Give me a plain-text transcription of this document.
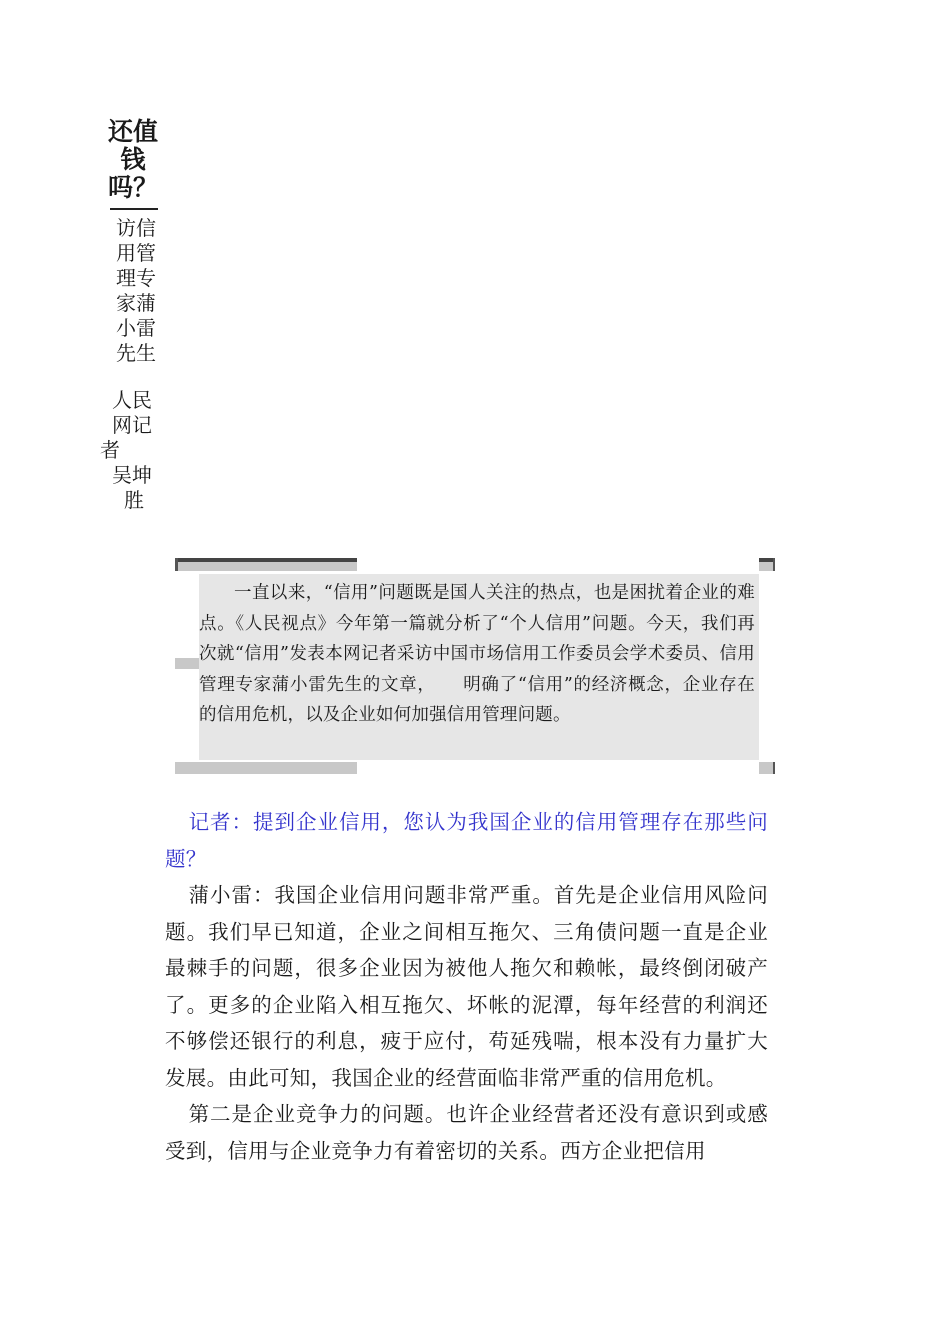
还值钱吗？
访信用管理专家蒲小雷先生
人民
网记
者
吴坤
胜

一直以来，“信用”问题既是国人关注的热点，也是困扰着企业的难点。《人民视点》今年第一篇就分析了“个人信用”问题。今天，我们再次就“信用”发表本网记者采访中国市场信用工作委员会学术委员、信用管理专家蒲小雷先生的文章，　　明确了“信用”的经济概念，企业存在的信用危机，以及企业如何加强信用管理问题。

记者：提到企业信用，您认为我国企业的信用管理存在那些问题？

蒲小雷：我国企业信用问题非常严重。首先是企业信用风险问题。我们早已知道，企业之间相互拖欠、三角债问题一直是企业最棘手的问题，很多企业因为被他人拖欠和赖帐，最终倒闭破产了。更多的企业陷入相互拖欠、坏帐的泥潭，每年经营的利润还不够偿还银行的利息，疲于应付，苟延残喘，根本没有力量扩大发展。由此可知，我国企业的经营面临非常严重的信用危机。

第二是企业竞争力的问题。也许企业经营者还没有意识到或感受到，信用与企业竞争力有着密切的关系。西方企业把信用
